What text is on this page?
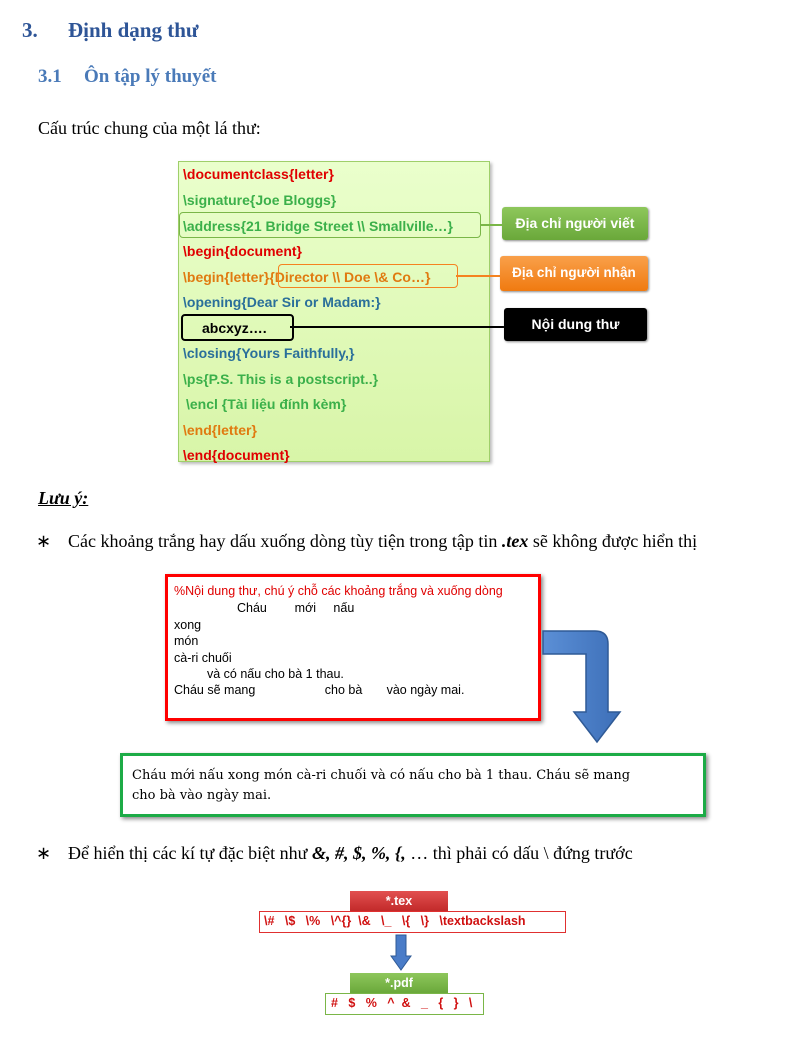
3. Định dạng thư
3.1 Ôn tập lý thuyết
Cấu trúc chung của một lá thư:
\documentclass{letter}
\signature{Joe Bloggs}
\address{21 Bridge Street \\ Smallville…}
\begin{document}
\begin{letter}{Director \\ Doe \& Co…}
\opening{Dear Sir or Madam:}
abcxyz….
\closing{Yours Faithfully,}
\ps{P.S. This is a postscript..}
\encl {Tài liệu đính kèm}
\end{letter}
\end{document}
Địa chỉ người viết
Địa chỉ người nhận
Nội dung thư
Lưu ý:
∗ Các khoảng trắng hay dấu xuống dòng tùy tiện trong tập tin .tex sẽ không được hiển thị
%Nội dung thư, chú ý chỗ các khoảng trắng và xuống dòng
Cháu        mới     nấu
xong
món
cà-ri chuối
và có nấu cho bà 1 thau.
Cháu sẽ mang                    cho bà       vào ngày mai.
Cháu mới nấu xong món cà-ri chuối và có nấu cho bà 1 thau. Cháu sẽ mang
cho bà vào ngày mai.
∗ Để hiển thị các kí tự đặc biệt như &, #, $, %, {, … thì phải có dấu \ đứng trước
*.tex
\#   \$   \%   \^{}  \&   \_   \{   \}   \textbackslash
*.pdf
#   $   %   ^  &   _   {   }   \
